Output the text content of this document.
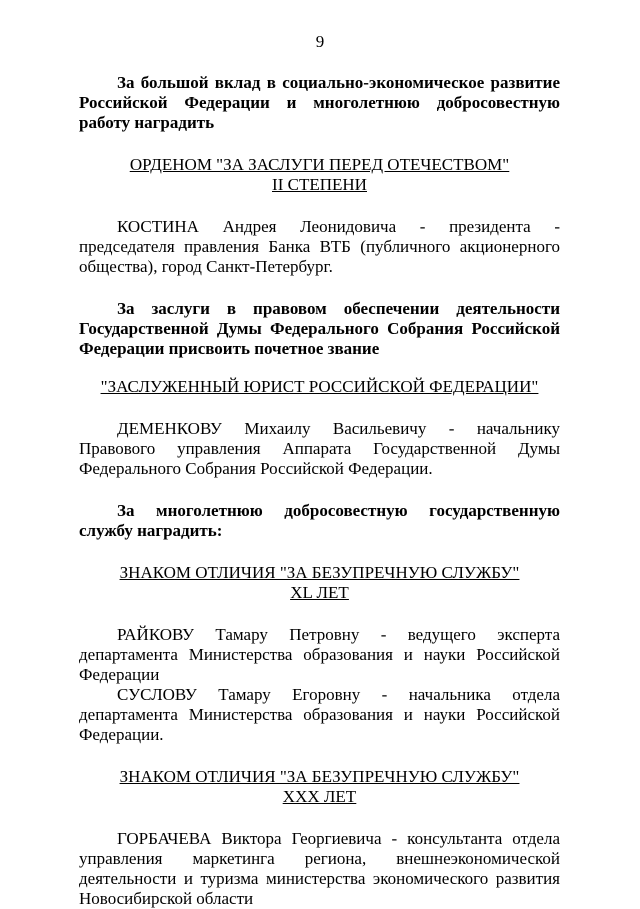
9

За большой вклад в социально-экономическое развитие Российской Федерации и многолетнюю добросовестную работу наградить

ОРДЕНОМ "ЗА ЗАСЛУГИ ПЕРЕД ОТЕЧЕСТВОМ"
II СТЕПЕНИ

КОСТИНА Андрея Леонидовича - президента - председателя правления Банка ВТБ (публичного акционерного общества), город Санкт-Петербург.

За заслуги в правовом обеспечении деятельности Государственной Думы Федерального Собрания Российской Федерации присвоить почетное звание

"ЗАСЛУЖЕННЫЙ ЮРИСТ РОССИЙСКОЙ ФЕДЕРАЦИИ"

ДЕМЕНКОВУ Михаилу Васильевичу - начальнику Правового управления Аппарата Государственной Думы Федерального Собрания Российской Федерации.

За многолетнюю добросовестную государственную службу наградить:

ЗНАКОМ ОТЛИЧИЯ "ЗА БЕЗУПРЕЧНУЮ СЛУЖБУ"
XL ЛЕТ

РАЙКОВУ Тамару Петровну - ведущего эксперта департамента Министерства образования и науки Российской Федерации

СУСЛОВУ Тамару Егоровну - начальника отдела департамента Министерства образования и науки Российской Федерации.

ЗНАКОМ ОТЛИЧИЯ "ЗА БЕЗУПРЕЧНУЮ СЛУЖБУ"
XXX ЛЕТ

ГОРБАЧЕВА Виктора Георгиевича - консультанта отдела управления маркетинга региона, внешнеэкономической деятельности и туризма министерства экономического развития Новосибирской области
